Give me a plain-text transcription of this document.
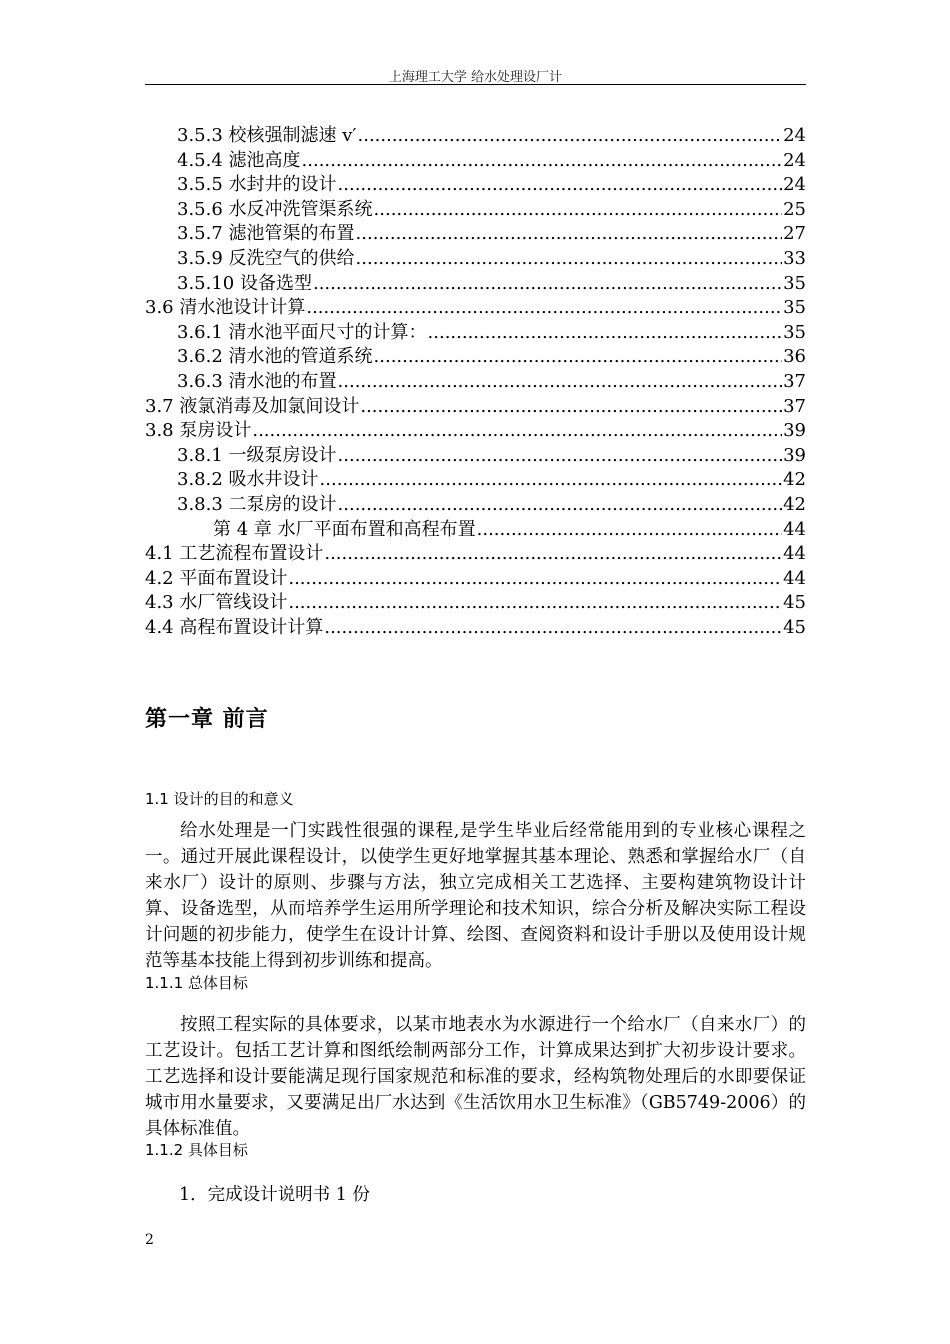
上海理工大学 给水处理设厂计
3.5.3 校核强制滤速 v′ .....	24
4.5.4 滤池高度 .....	24
3.5.5 水封井的设计 .....	24
3.5.6 水反冲洗管渠系统 .....	25
3.5.7 滤池管渠的布置 .....	27
3.5.9 反洗空气的供给 .....	33
3.5.10 设备选型 .....	35
3.6 清水池设计计算 .....	35
3.6.1 清水池平面尺寸的计算： .....	35
3.6.2 清水池的管道系统 .....	36
3.6.3 清水池的布置 .....	37
3.7 液氯消毒及加氯间设计 .....	37
3.8 泵房设计 .....	39
3.8.1 一级泵房设计 .....	39
3.8.2 吸水井设计 .....	42
3.8.3 二泵房的设计 .....	42
第 4 章 水厂平面布置和高程布置 .....	44
4.1 工艺流程布置设计 .....	44
4.2 平面布置设计 .....	44
4.3 水厂管线设计 .....	45
4.4 高程布置设计计算 .....	45
第一章 前言
1.1 设计的目的和意义

给水处理是一门实践性很强的课程,是学生毕业后经常能用到的专业核心课程之一。通过开展此课程设计，以使学生更好地掌握其基本理论、熟悉和掌握给水厂（自来水厂）设计的原则、步骤与方法，独立完成相关工艺选择、主要构建筑物设计计算、设备选型，从而培养学生运用所学理论和技术知识，综合分析及解决实际工程设计问题的初步能力，使学生在设计计算、绘图、查阅资料和设计手册以及使用设计规范等基本技能上得到初步训练和提高。

1.1.1 总体目标

按照工程实际的具体要求，以某市地表水为水源进行一个给水厂（自来水厂）的工艺设计。包括工艺计算和图纸绘制两部分工作，计算成果达到扩大初步设计要求。工艺选择和设计要能满足现行国家规范和标准的要求，经构筑物处理后的水即要保证城市用水量要求，又要满足出厂水达到《生活饮用水卫生标准》（GB5749-2006）的具体标准值。

1.1.2 具体目标
1．完成设计说明书 1 份
2
